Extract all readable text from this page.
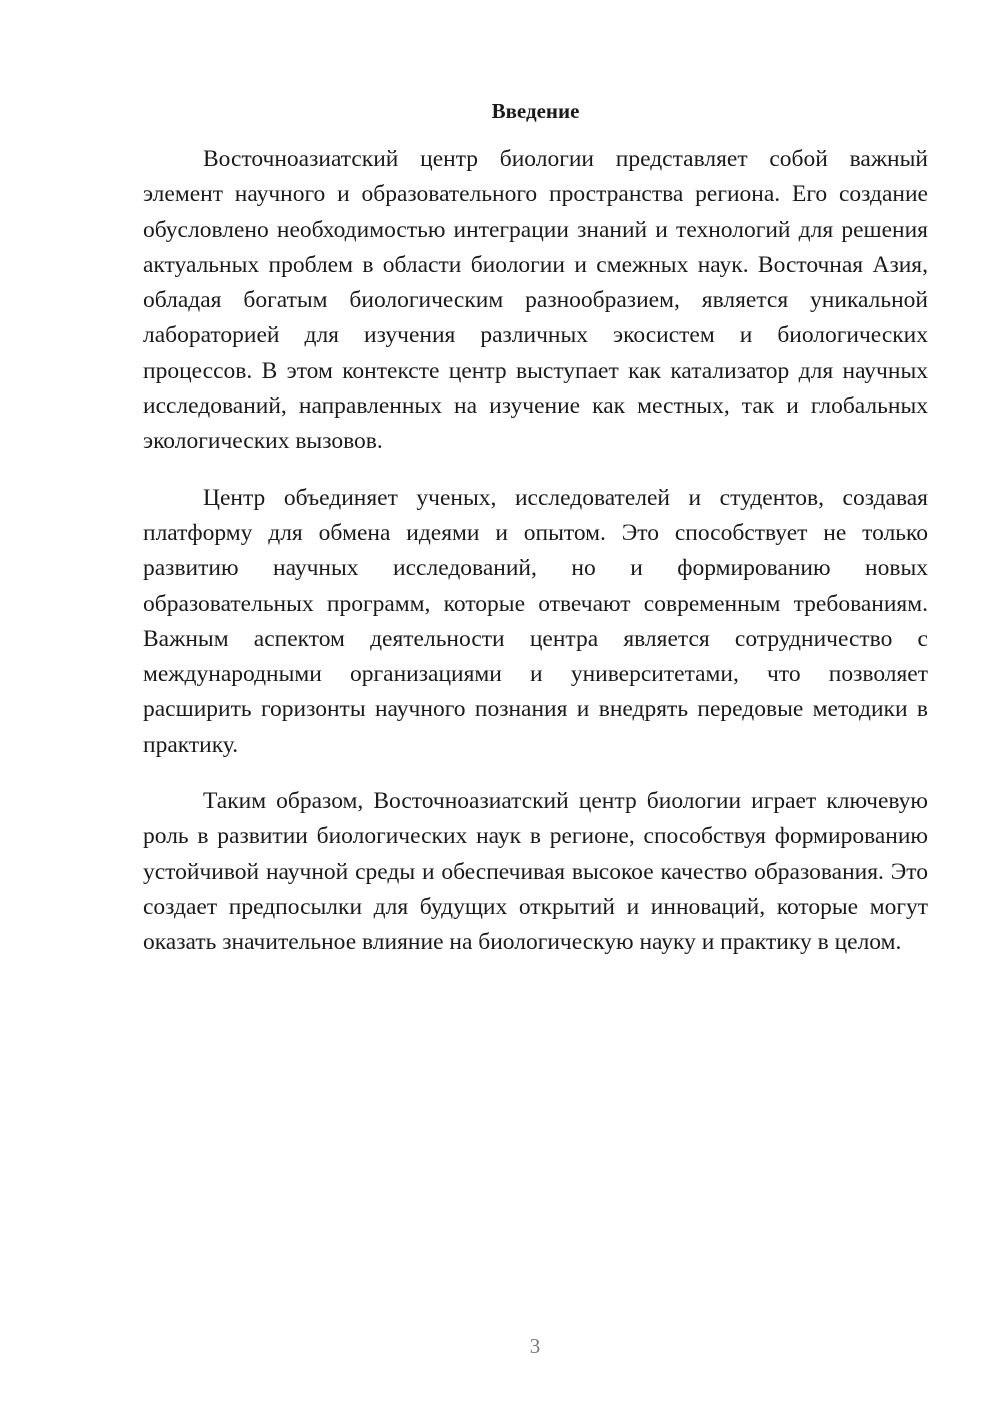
Введение

Восточноазиатский центр биологии представляет собой важный элемент научного и образовательного пространства региона. Его создание обусловлено необходимостью интеграции знаний и технологий для решения актуальных проблем в области биологии и смежных наук. Восточная Азия, обладая богатым биологическим разнообразием, является уникальной лабораторией для изучения различных экосистем и биологических процессов. В этом контексте центр выступает как катализатор для научных исследований, направленных на изучение как местных, так и глобальных экологических вызовов.

Центр объединяет ученых, исследователей и студентов, создавая платформу для обмена идеями и опытом. Это способствует не только развитию научных исследований, но и формированию новых образовательных программ, которые отвечают современным требованиям. Важным аспектом деятельности центра является сотрудничество с международными организациями и университетами, что позволяет расширить горизонты научного познания и внедрять передовые методики в практику.

Таким образом, Восточноазиатский центр биологии играет ключевую роль в развитии биологических наук в регионе, способствуя формированию устойчивой научной среды и обеспечивая высокое качество образования. Это создает предпосылки для будущих открытий и инноваций, которые могут оказать значительное влияние на биологическую науку и практику в целом.

3
